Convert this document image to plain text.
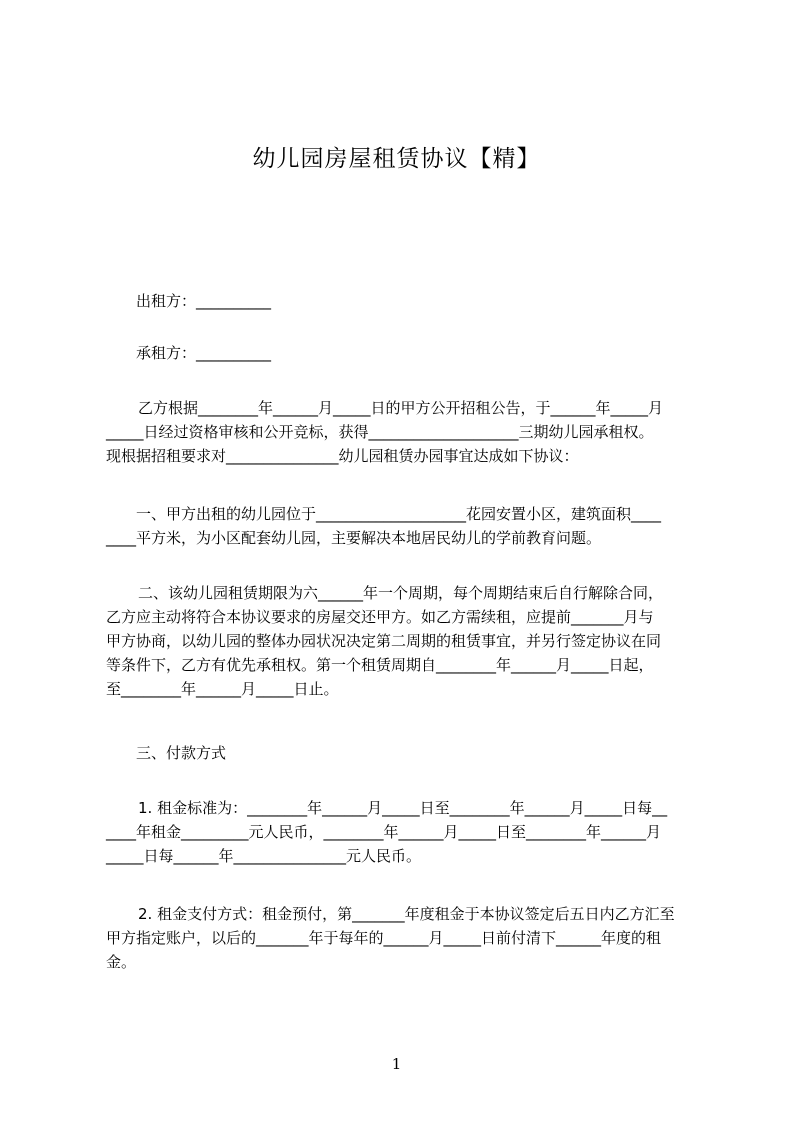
幼儿园房屋租赁协议【精】
出租方：__________
承租方：__________
乙方根据________年______月_____日的甲方公开招租公告，于______年_____月
_____日经过资格审核和公开竞标，获得____________________三期幼儿园承租权。
现根据招租要求对_______________幼儿园租赁办园事宜达成如下协议：
一、甲方出租的幼儿园位于____________________花园安置小区，建筑面积____
____平方米，为小区配套幼儿园，主要解决本地居民幼儿的学前教育问题。
二、该幼儿园租赁期限为六______年一个周期，每个周期结束后自行解除合同，
乙方应主动将符合本协议要求的房屋交还甲方。如乙方需续租，应提前_______月与
甲方协商，以幼儿园的整体办园状况决定第二周期的租赁事宜，并另行签定协议在同
等条件下，乙方有优先承租权。第一个租赁周期自________年______月_____日起，
至________年______月_____日止。
三、付款方式
1. 租金标准为：________年______月_____日至________年______月_____日每__
____年租金_________元人民币，________年______月_____日至________年______月
_____日每______年_______________元人民币。
2. 租金支付方式：租金预付，第_______年度租金于本协议签定后五日内乙方汇至
甲方指定账户，以后的_______年于每年的______月_____日前付清下______年度的租
金。
1
